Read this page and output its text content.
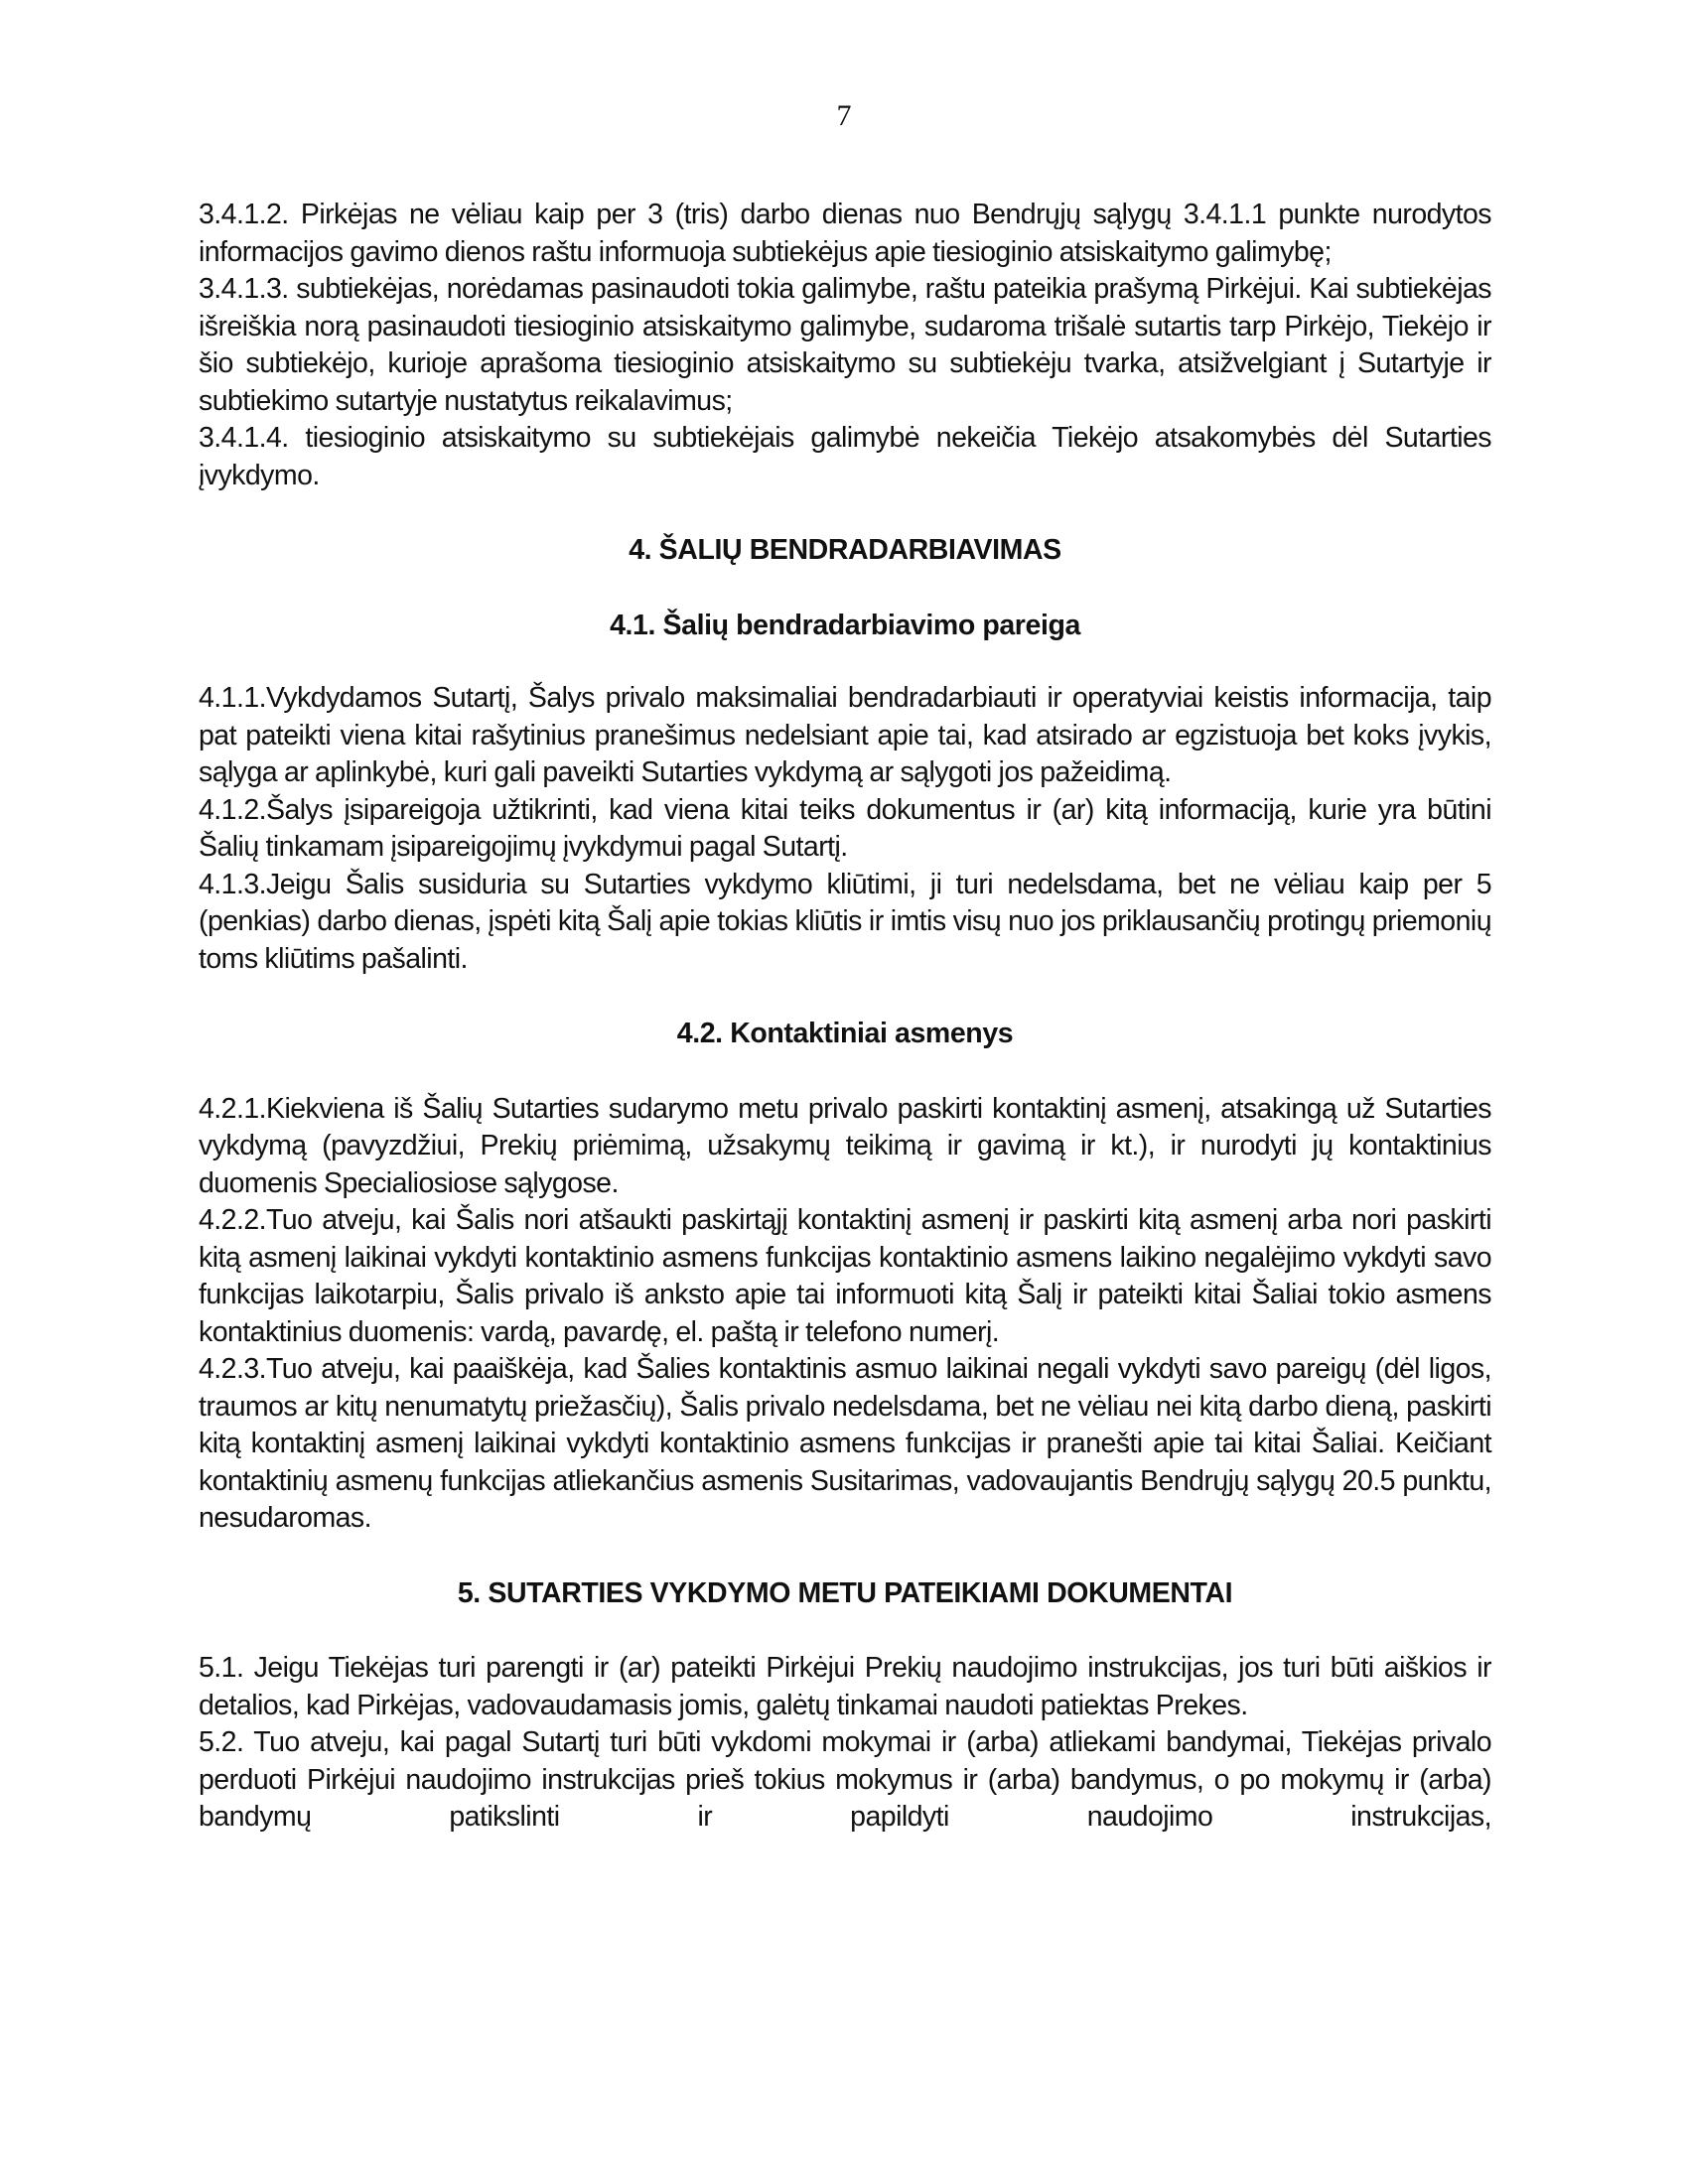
7

3.4.1.2. Pirkėjas ne vėliau kaip per 3 (tris) darbo dienas nuo Bendrųjų sąlygų 3.4.1.1 punkte nurodytos informacijos gavimo dienos raštu informuoja subtiekėjus apie tiesioginio atsiskaitymo galimybę;

3.4.1.3. subtiekėjas, norėdamas pasinaudoti tokia galimybe, raštu pateikia prašymą Pirkėjui. Kai subtiekėjas išreiškia norą pasinaudoti tiesioginio atsiskaitymo galimybe, sudaroma trišalė sutartis tarp Pirkėjo, Tiekėjo ir šio subtiekėjo, kurioje aprašoma tiesioginio atsiskaitymo su subtiekėju tvarka, atsižvelgiant į Sutartyje ir subtiekimo sutartyje nustatytus reikalavimus;

3.4.1.4. tiesioginio atsiskaitymo su subtiekėjais galimybė nekeičia Tiekėjo atsakomybės dėl Sutarties įvykdymo.

4. ŠALIŲ BENDRADARBIAVIMAS
4.1. Šalių bendradarbiavimo pareiga

4.1.1.Vykdydamos Sutartį, Šalys privalo maksimaliai bendradarbiauti ir operatyviai keistis informacija, taip pat pateikti viena kitai rašytinius pranešimus nedelsiant apie tai, kad atsirado ar egzistuoja bet koks įvykis, sąlyga ar aplinkybė, kuri gali paveikti Sutarties vykdymą ar sąlygoti jos pažeidimą.

4.1.2.Šalys įsipareigoja užtikrinti, kad viena kitai teiks dokumentus ir (ar) kitą informaciją, kurie yra būtini Šalių tinkamam įsipareigojimų įvykdymui pagal Sutartį.

4.1.3.Jeigu Šalis susiduria su Sutarties vykdymo kliūtimi, ji turi nedelsdama, bet ne vėliau kaip per 5 (penkias) darbo dienas, įspėti kitą Šalį apie tokias kliūtis ir imtis visų nuo jos priklausančių protingų priemonių toms kliūtims pašalinti.

4.2. Kontaktiniai asmenys

4.2.1.Kiekviena iš Šalių Sutarties sudarymo metu privalo paskirti kontaktinį asmenį, atsakingą už Sutarties vykdymą (pavyzdžiui, Prekių priėmimą, užsakymų teikimą ir gavimą ir kt.), ir nurodyti jų kontaktinius duomenis Specialiosiose sąlygose.

4.2.2.Tuo atveju, kai Šalis nori atšaukti paskirtąjį kontaktinį asmenį ir paskirti kitą asmenį arba nori paskirti kitą asmenį laikinai vykdyti kontaktinio asmens funkcijas kontaktinio asmens laikino negalėjimo vykdyti savo funkcijas laikotarpiu, Šalis privalo iš anksto apie tai informuoti kitą Šalį ir pateikti kitai Šaliai tokio asmens kontaktinius duomenis: vardą, pavardę, el. paštą ir telefono numerį.

4.2.3.Tuo atveju, kai paaiškėja, kad Šalies kontaktinis asmuo laikinai negali vykdyti savo pareigų (dėl ligos, traumos ar kitų nenumatytų priežasčių), Šalis privalo nedelsdama, bet ne vėliau nei kitą darbo dieną, paskirti kitą kontaktinį asmenį laikinai vykdyti kontaktinio asmens funkcijas ir pranešti apie tai kitai Šaliai. Keičiant kontaktinių asmenų funkcijas atliekančius asmenis Susitarimas, vadovaujantis Bendrųjų sąlygų 20.5 punktu, nesudaromas.

5. SUTARTIES VYKDYMO METU PATEIKIAMI DOKUMENTAI

5.1. Jeigu Tiekėjas turi parengti ir (ar) pateikti Pirkėjui Prekių naudojimo instrukcijas, jos turi būti aiškios ir detalios, kad Pirkėjas, vadovaudamasis jomis, galėtų tinkamai naudoti patiektas Prekes.

5.2. Tuo atveju, kai pagal Sutartį turi būti vykdomi mokymai ir (arba) atliekami bandymai, Tiekėjas privalo perduoti Pirkėjui naudojimo instrukcijas prieš tokius mokymus ir (arba) bandymus, o po mokymų ir (arba) bandymų patikslinti ir papildyti naudojimo instrukcijas,
